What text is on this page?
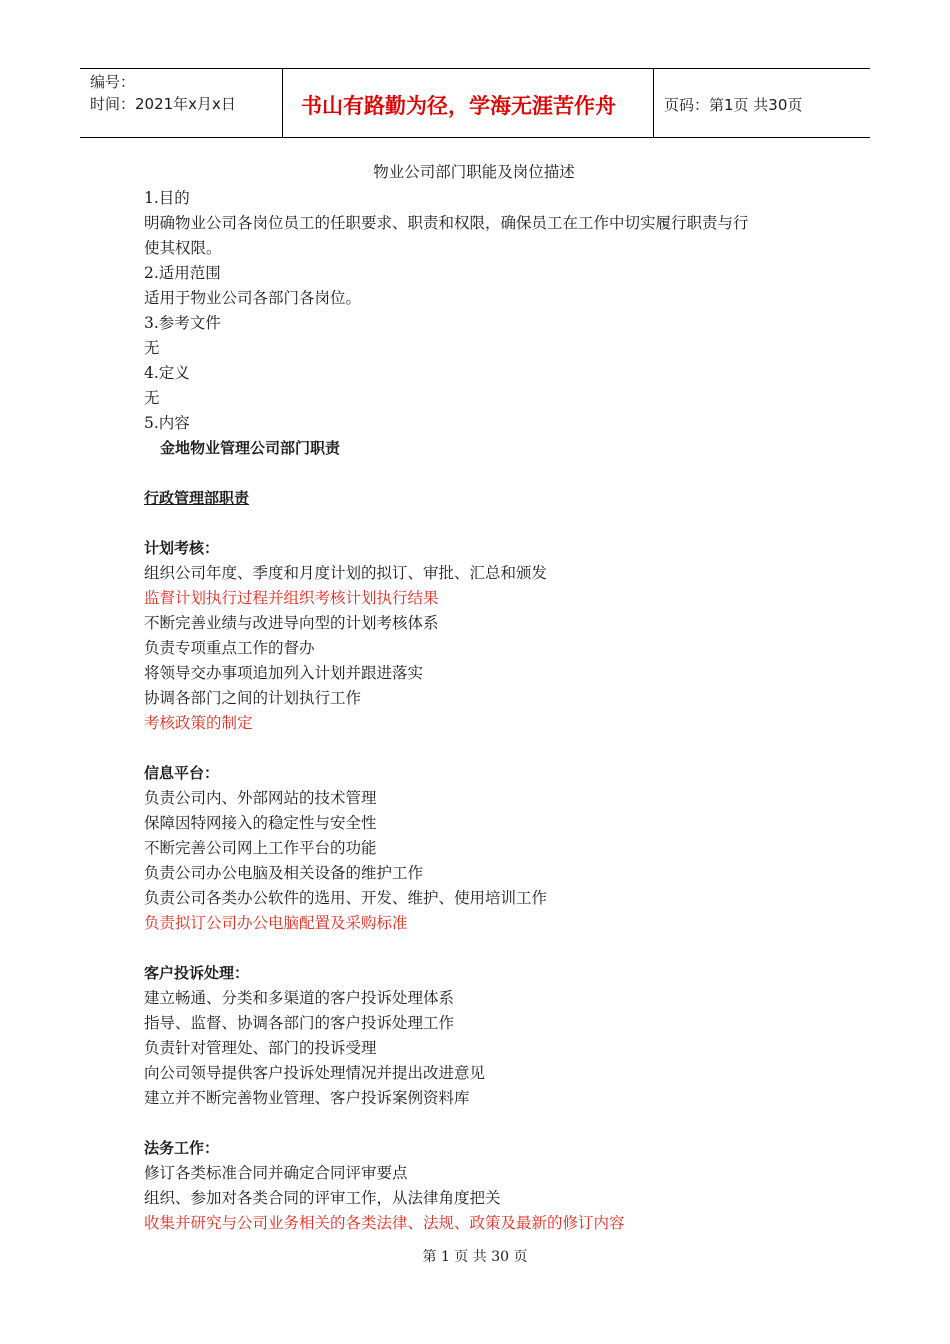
编号：
时间：2021年x月x日	书山有路勤为径，学海无涯苦作舟	页码：第1页 共30页
物业公司部门职能及岗位描述
1.目的
明确物业公司各岗位员工的任职要求、职责和权限，确保员工在工作中切实履行职责与行
使其权限。
2.适用范围
适用于物业公司各部门各岗位。
3.参考文件
无
4.定义
无
5.内容
金地物业管理公司部门职责
行政管理部职责
计划考核：
组织公司年度、季度和月度计划的拟订、审批、汇总和颁发
监督计划执行过程并组织考核计划执行结果
不断完善业绩与改进导向型的计划考核体系
负责专项重点工作的督办
将领导交办事项追加列入计划并跟进落实
协调各部门之间的计划执行工作
考核政策的制定
信息平台：
负责公司内、外部网站的技术管理
保障因特网接入的稳定性与安全性
不断完善公司网上工作平台的功能
负责公司办公电脑及相关设备的维护工作
负责公司各类办公软件的选用、开发、维护、使用培训工作
负责拟订公司办公电脑配置及采购标准
客户投诉处理：
建立畅通、分类和多渠道的客户投诉处理体系
指导、监督、协调各部门的客户投诉处理工作
负责针对管理处、部门的投诉受理
向公司领导提供客户投诉处理情况并提出改进意见
建立并不断完善物业管理、客户投诉案例资料库
法务工作：
修订各类标准合同并确定合同评审要点
组织、参加对各类合同的评审工作，从法律角度把关
收集并研究与公司业务相关的各类法律、法规、政策及最新的修订内容
第 1 页 共 30 页
